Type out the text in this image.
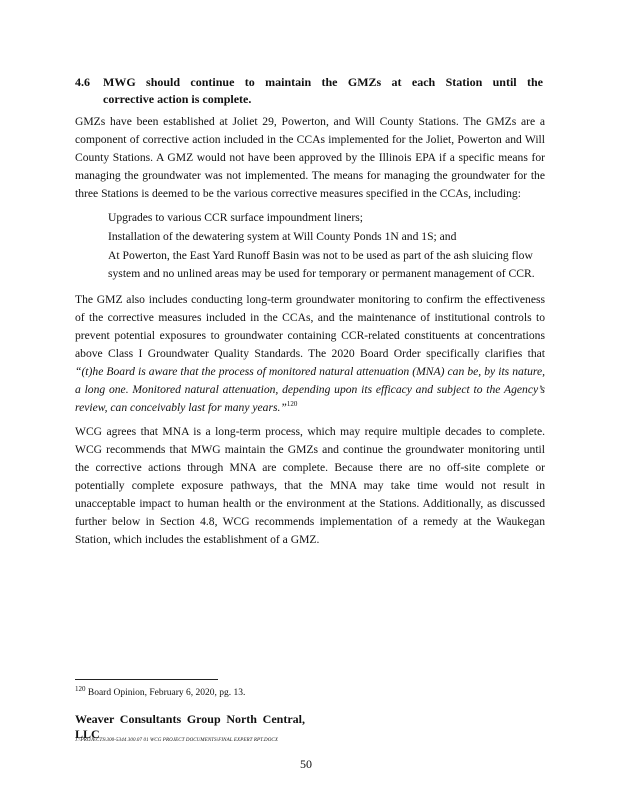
4.6 MWG should continue to maintain the GMZs at each Station until the
corrective action is complete.

GMZs have been established at Joliet 29, Powerton, and Will County Stations. The GMZs are a component of corrective action included in the CCAs implemented for the Joliet, Powerton and Will County Stations. A GMZ would not have been approved by the Illinois EPA if a specific means for managing the groundwater was not implemented. The means for managing the groundwater for the three Stations is deemed to be the various corrective measures specified in the CCAs, including:

Upgrades to various CCR surface impoundment liners;
Installation of the dewatering system at Will County Ponds 1N and 1S; and
At Powerton, the East Yard Runoff Basin was not to be used as part of the ash sluicing flow system and no unlined areas may be used for temporary or permanent management of CCR.

The GMZ also includes conducting long-term groundwater monitoring to confirm the effectiveness of the corrective measures included in the CCAs, and the maintenance of institutional controls to prevent potential exposures to groundwater containing CCR-related constituents at concentrations above Class I Groundwater Quality Standards. The 2020 Board Order specifically clarifies that “(t)he Board is aware that the process of monitored natural attenuation (MNA) can be, by its nature, a long one. Monitored natural attenuation, depending upon its efficacy and subject to the Agency’s review, can conceivably last for many years.”$^{120}$

WCG agrees that MNA is a long-term process, which may require multiple decades to complete. WCG recommends that MWG maintain the GMZs and continue the groundwater monitoring until the corrective actions through MNA are complete. Because there are no off-site complete or potentially complete exposure pathways, that the MNA may take time would not result in unacceptable impact to human health or the environment at the Stations. Additionally, as discussed further below in Section 4.8, WCG recommends implementation of a remedy at the Waukegan Station, which includes the establishment of a GMZ.

$^{120}$ Board Opinion, February 6, 2020, pg. 13.
Weaver Consultants Group North Central, LLC
J:\PROJECTS\300-5344 300.07 01 WCG PROJECT DOCUMENTS\FINAL EXPERT RPT.DOCX
50
